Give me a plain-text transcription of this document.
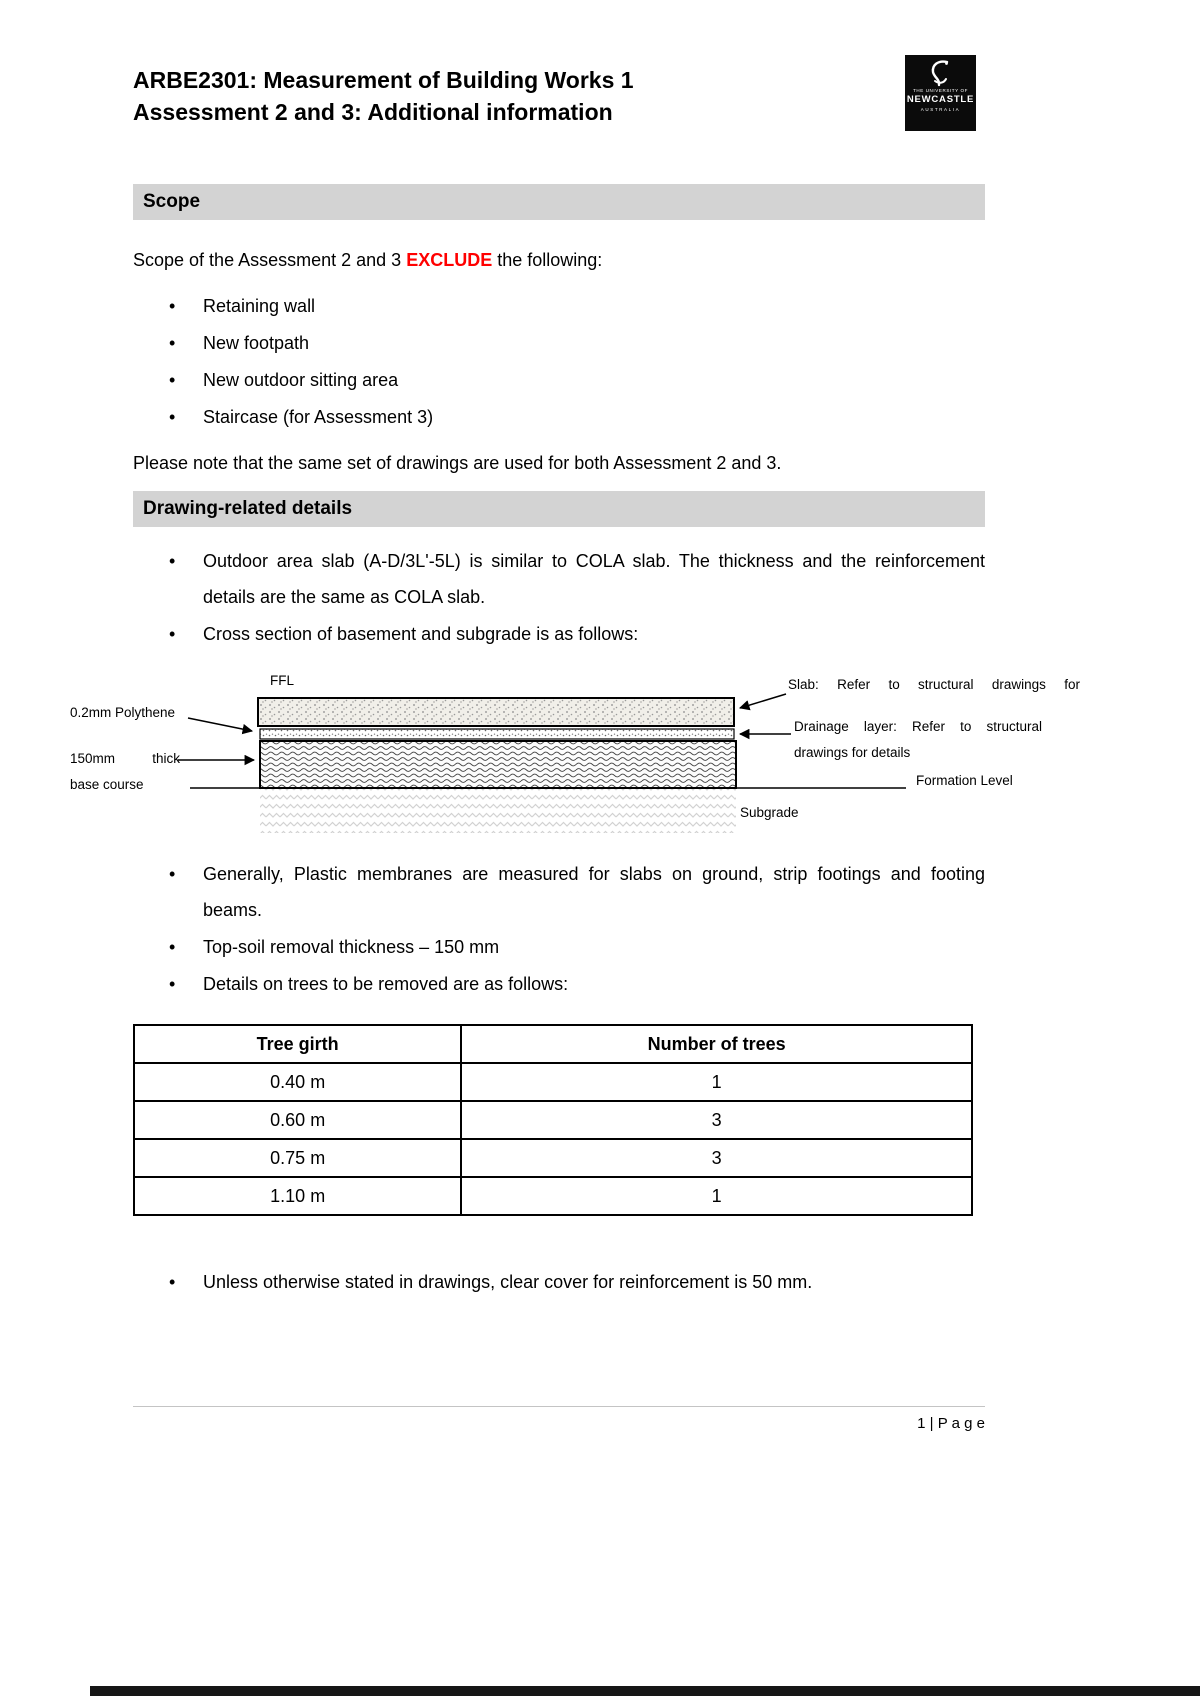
THE UNIVERSITY OF
NEWCASTLE
AUSTRALIA
ARBE2301: Measurement of Building Works 1
Assessment 2 and 3: Additional information
Scope

Scope of the Assessment 2 and 3 EXCLUDE the following:

• Retaining wall
• New footpath
• New outdoor sitting area
• Staircase (for Assessment 3)

Please note that the same set of drawings are used for both Assessment 2 and 3.

Drawing-related details
• Outdoor area slab (A-D/3L'-5L) is similar to COLA slab. The thickness and the reinforcement details are the same as COLA slab.
• Cross section of basement and subgrade is as follows:
FFL
0.2mm Polythene
150mm	thick
base course
Slab: Refer to structural drawings for
Drainage layer: Refer to structural drawings for details
Formation Level
Subgrade
• Generally, Plastic membranes are measured for slabs on ground, strip footings and footing beams.
• Top-soil removal thickness – 150 mm
• Details on trees to be removed are as follows:
Tree girth	Number of trees
0.40 m	1
0.60 m	3
0.75 m	3
1.10 m	1
• Unless otherwise stated in drawings, clear cover for reinforcement is 50 mm.
1 | P a g e
